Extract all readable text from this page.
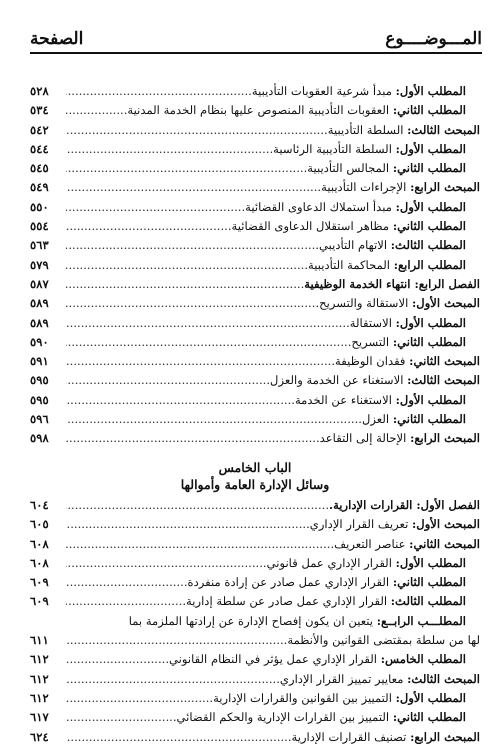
المـــوضــــوع
الصفحة
٥٢٨	المطلب الأول: مبدأ شرعية العقوبات التأديبية .....
٥٣٤	المطلب الثاني: العقوبات التأديبية المنصوص عليها بنظام الخدمة المدنية. .....
٥٤٢	المبحث الثالث: السلطة التأديبية. .....
٥٤٤	المطلب الأول: السلطة التأديبية الرئاسية. .....
٥٤٥	المطلب الثاني: المجالس التأديبية. .....
٥٤٩	المبحث الرابع: الإجراءات التأديبية. .....
٥٥٠	المطلب الأول: مبدأ استملاك الدعاوى القضائية .....
٥٥٤	المطلب الثاني: مظاهر استقلال الدعاوى القضائية .....
٥٦٣	المطلب الثالث: الاتهام التأديبي. .....
٥٧٩	المطلب الرابع: المحاكمة التأديبية. .....
٥٨٧	الفصل الرابع: انتهاء الخدمة الوظيفية .....
٥٨٩	المبحث الأول: الاستقالة والتسريح. .....
٥٨٩	المطلب الأول: الاستقالة. .....
٥٩٠	المطلب الثاني: التسريح. .....
٥٩١	المبحث الثاني: فقدان الوظيفة. .....
٥٩٥	المبحث الثالث: الاستغناء عن الخدمة والعزل. .....
٥٩٥	المطلب الأول: الاستغناء عن الخدمة .....
٥٩٦	المطلب الثاني: العزل. .....
٥٩٨	المبحث الرابع: الإحالة إلى التقاعد. .....
الباب الخامس
وسائل الإدارة العامة وأموالها
٦٠٤	الفصل الأول: القرارات الإدارية. .....
٦٠٥	المبحث الأول: تعريف القرار الإداري. .....
٦٠٨	المبحث الثاني: عناصر التعريف. .....
٦٠٨	المطلب الأول: القرار الإداري عمل قانوني. .....
٦٠٩	المطلب الثاني: القرار الإداري عمل صادر عن إرادة منفردة. .....
٦٠٩	المطلب الثالث: القرار الإداري عمل صادر عن سلطة إدارية. .....
المطلـــب الرابــع: يتعين ان يكون إفصاح الإدارة عن إرادتها الملزمة بما
٦١١	لها من سلطة بمقتضى القوانين والأنظمة. .....
٦١٢	المطلب الخامس: القرار الإداري عمل يؤثر في النظام القانوني. .....
٦١٢	المبحث الثالث: معايير تمييز القرار الإداري. .....
٦١٢	المطلب الأول: التمييز بين القوانين والقرارات الإدارية. .....
٦١٧	المطلب الثاني: التمييز بين القرارات الإدارية والحكم القضائي. .....
٦٢٤	المبحث الرابع: تصنيف القرارات الإدارية. .....
